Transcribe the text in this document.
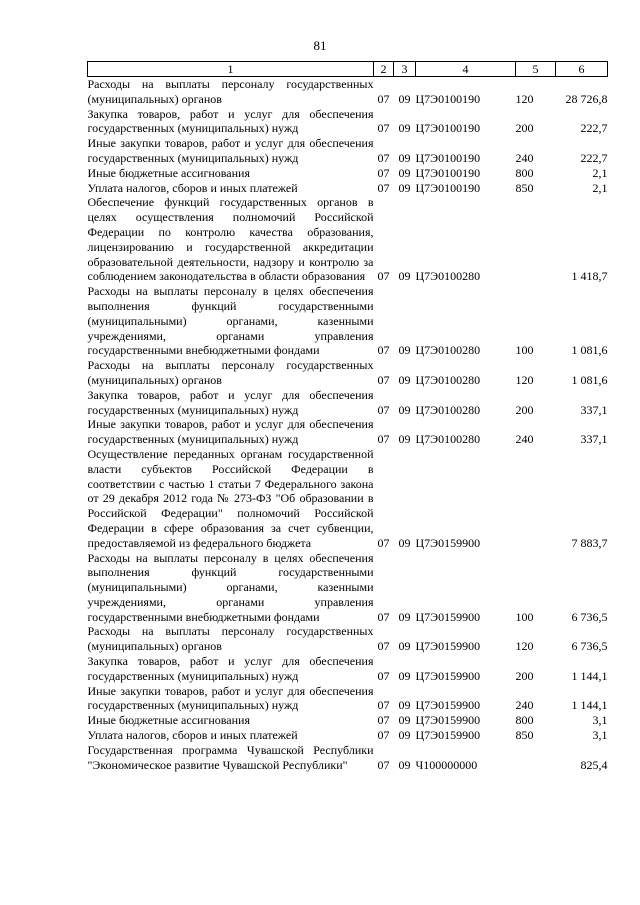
81
1	2	3	4	5	6
Расходы на выплаты персоналу государственных (муниципальных) органов	07	09	Ц7Э0100190	120	28 726,8
Закупка товаров, работ и услуг для обеспечения государственных (муниципальных) нужд	07	09	Ц7Э0100190	200	222,7
Иные закупки товаров, работ и услуг для обеспечения государственных (муниципальных) нужд	07	09	Ц7Э0100190	240	222,7
Иные бюджетные ассигнования	07	09	Ц7Э0100190	800	2,1
Уплата налогов, сборов и иных платежей	07	09	Ц7Э0100190	850	2,1
Обеспечение функций государственных органов в целях осуществления полномочий Российской Федерации по контролю качества образования, лицензированию и государственной аккредитации образовательной деятельности, надзору и контролю за соблюдением законодательства в области образования	07	09	Ц7Э0100280		1 418,7
Расходы на выплаты персоналу в целях обеспечения выполнения функций государственными (муниципальными) органами, казенными учреждениями, органами управления государственными внебюджетными фондами	07	09	Ц7Э0100280	100	1 081,6
Расходы на выплаты персоналу государственных (муниципальных) органов	07	09	Ц7Э0100280	120	1 081,6
Закупка товаров, работ и услуг для обеспечения государственных (муниципальных) нужд	07	09	Ц7Э0100280	200	337,1
Иные закупки товаров, работ и услуг для обеспечения государственных (муниципальных) нужд	07	09	Ц7Э0100280	240	337,1
Осуществление переданных органам государственной власти субъектов Российской Федерации в соответствии с частью 1 статьи 7 Федерального закона от 29 декабря 2012 года № 273-ФЗ "Об образовании в Российской Федерации" полномочий Российской Федерации в сфере образования за счет субвенции, предоставляемой из федерального бюджета	07	09	Ц7Э0159900		7 883,7
Расходы на выплаты персоналу в целях обеспечения выполнения функций государственными (муниципальными) органами, казенными учреждениями, органами управления государственными внебюджетными фондами	07	09	Ц7Э0159900	100	6 736,5
Расходы на выплаты персоналу государственных (муниципальных) органов	07	09	Ц7Э0159900	120	6 736,5
Закупка товаров, работ и услуг для обеспечения государственных (муниципальных) нужд	07	09	Ц7Э0159900	200	1 144,1
Иные закупки товаров, работ и услуг для обеспечения государственных (муниципальных) нужд	07	09	Ц7Э0159900	240	1 144,1
Иные бюджетные ассигнования	07	09	Ц7Э0159900	800	3,1
Уплата налогов, сборов и иных платежей	07	09	Ц7Э0159900	850	3,1
Государственная программа Чувашской Республики "Экономическое развитие Чувашской Республики"	07	09	Ч100000000		825,4
